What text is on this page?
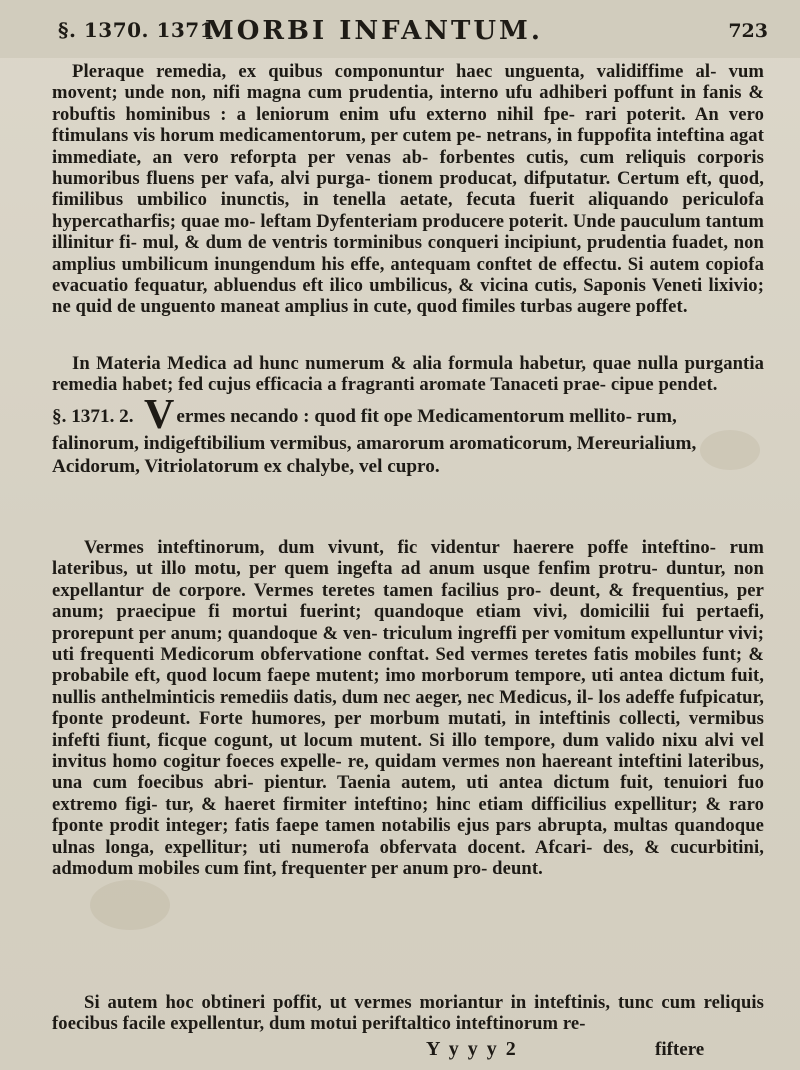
§. 1370. 1371.
MORBI INFANTUM.	723

Pleraque remedia, ex quibus componuntur haec unguenta, validiffime al- vum movent; unde non, nifi magna cum prudentia, interno ufu adhiberi poffunt in fanis & robuftis hominibus : a leniorum enim ufu externo nihil fpe- rari poterit. An vero ftimulans vis horum medicamentorum, per cutem pe- netrans, in fuppofita inteftina agat immediate, an vero reforpta per venas ab- forbentes cutis, cum reliquis corporis humoribus fluens per vafa, alvi purga- tionem producat, difputatur. Certum eft, quod, fimilibus umbilico inunctis, in tenella aetate, fecuta fuerit aliquando periculofa hypercatharfis; quae mo- leftam Dyfenteriam producere poterit. Unde pauculum tantum illinitur fi- mul, & dum de ventris torminibus conqueri incipiunt, prudentia fuadet, non amplius umbilicum inungendum his effe, antequam conftet de effectu. Si autem copiofa evacuatio fequatur, abluendus eft ilico umbilicus, & vicina cutis, Saponis Veneti lixivio; ne quid de unguento maneat amplius in cute, quod fimiles turbas augere poffet.

In Materia Medica ad hunc numerum & alia formula habetur, quae nulla purgantia remedia habet; fed cujus efficacia a fragranti aromate Tanaceti prae- cipue pendet.

§. 1371. 2. V ermes necando : quod fit ope Medicamentorum mellito- rum, falinorum, indigeftibilium vermibus, amarorum aromaticorum, Mereurialium, Acidorum, Vitriolatorum ex chalybe, vel cupro.

Vermes inteftinorum, dum vivunt, fic videntur haerere poffe inteftino- rum lateribus, ut illo motu, per quem ingefta ad anum usque fenfim protru- duntur, non expellantur de corpore. Vermes teretes tamen facilius pro- deunt, & frequentius, per anum; praecipue fi mortui fuerint; quandoque etiam vivi, domicilii fui pertaefi, prorepunt per anum; quandoque & ven- triculum ingreffi per vomitum expelluntur vivi; uti frequenti Medicorum obfervatione conftat. Sed vermes teretes fatis mobiles funt; & probabile eft, quod locum faepe mutent; imo morborum tempore, uti antea dictum fuit, nullis anthelminticis remediis datis, dum nec aeger, nec Medicus, il- los adeffe fufpicatur, fponte prodeunt. Forte humores, per morbum mutati, in inteftinis collecti, vermibus infefti fiunt, ficque cogunt, ut locum mutent. Si illo tempore, dum valido nixu alvi vel invitus homo cogitur foeces expelle- re, quidam vermes non haereant inteftini lateribus, una cum foecibus abri- pientur. Taenia autem, uti antea dictum fuit, tenuiori fuo extremo figi- tur, & haeret firmiter inteftino; hinc etiam difficilius expellitur; & raro fponte prodit integer; fatis faepe tamen notabilis ejus pars abrupta, multas quandoque ulnas longa, expellitur; uti numerofa obfervata docent. Afcari- des, & cucurbitini, admodum mobiles cum fint, frequenter per anum pro- deunt.

Si autem hoc obtineri poffit, ut vermes moriantur in inteftinis, tunc cum reliquis foecibus facile expellentur, dum motui periftaltico inteftinorum re-

Y y y y 2	fiftere
